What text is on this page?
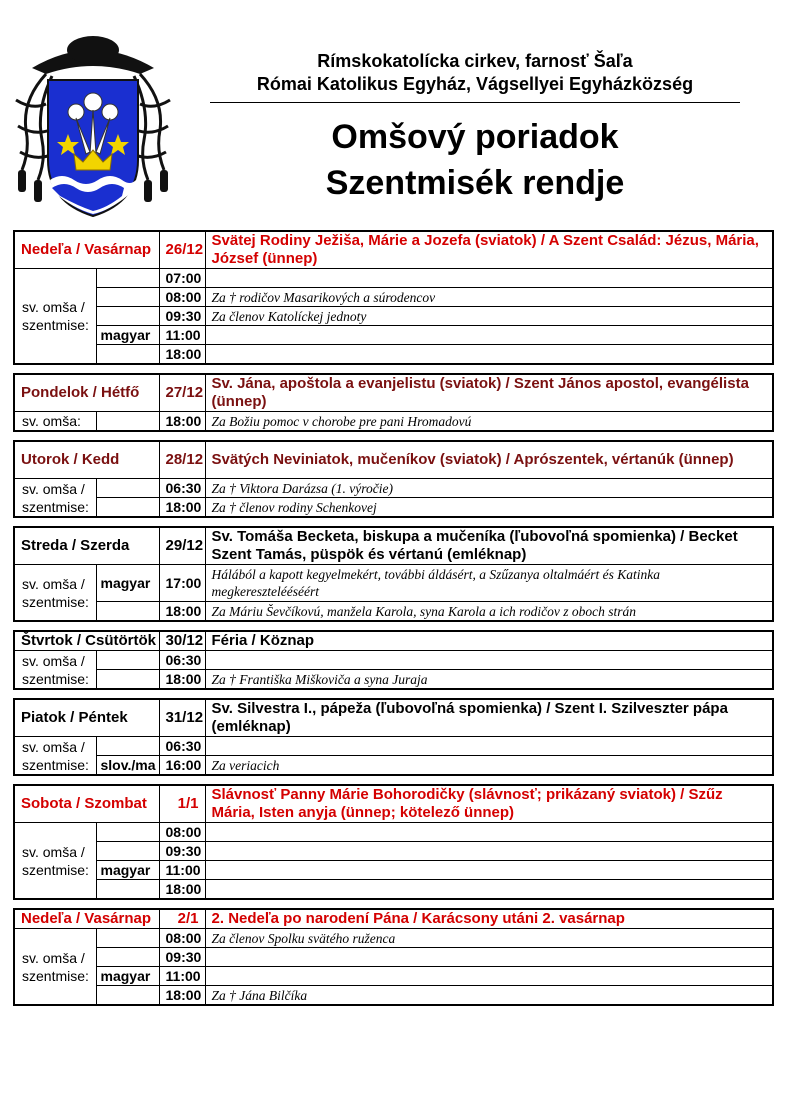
Rímskokatolícka cirkev, farnosť Šaľa
Római Katolikus Egyház, Vágsellyei Egyházközség
Omšový poriadok
Szentmisék rendje
Nedeľa / Vasárnap		26/12	Svätej Rodiny Ježiša, Márie a Jozefa (sviatok) / A Szent Család: Jézus, Mária, József (ünnep)
sv. omša / szentmise:		07:00	
		08:00	Za † rodičov Masarikových a súrodencov
		09:30	Za členov Katolíckej jednoty
	magyar	11:00	
		18:00	
Pondelok / Hétfő		27/12	Sv. Jána, apoštola a evanjelistu (sviatok) / Szent János apostol, evangélista (ünnep)
sv. omša:		18:00	Za Božiu pomoc v chorobe pre pani Hromadovú
Utorok / Kedd		28/12	Svätých Neviniatok, mučeníkov (sviatok) / Aprószentek, vértanúk (ünnep)
sv. omša / szentmise:		06:30	Za † Viktora Darázsa (1. výročie)
		18:00	Za † členov rodiny Schenkovej
Streda / Szerda		29/12	Sv. Tomáša Becketa, biskupa a mučeníka (ľubovoľná spomienka) / Becket Szent Tamás, püspök és vértanú (emléknap)
sv. omša / szentmise:	magyar	17:00	Hálából a kapott kegyelmekért, további áldásért, a Szűzanya oltalmáért és Katinka megkeresztelééséért
		18:00	Za Máriu Ševčíkovú, manžela Karola, syna Karola a ich rodičov z oboch strán
Štvrtok / Csütörtök		30/12	Féria / Köznap
sv. omša / szentmise:		06:30	
		18:00	Za † Františka Miškoviča a syna Juraja
Piatok / Péntek		31/12	Sv. Silvestra I., pápeža (ľubovoľná spomienka) / Szent I. Szilveszter pápa (emléknap)
sv. omša / szentmise:		06:30	
	slov./ma	16:00	Za veriacich
Sobota / Szombat		1/1	Slávnosť Panny Márie Bohorodičky (slávnosť; prikázaný sviatok) / Szűz Mária, Isten anyja (ünnep; kötelező ünnep)
sv. omša / szentmise:		08:00	
		09:30	
	magyar	11:00	
		18:00	
Nedeľa / Vasárnap		2/1	2. Nedeľa po narodení Pána / Karácsony utáni 2. vasárnap
sv. omša / szentmise:		08:00	Za členov Spolku svätého ruženca
		09:30	
	magyar	11:00	
		18:00	Za † Jána Bilčíka
